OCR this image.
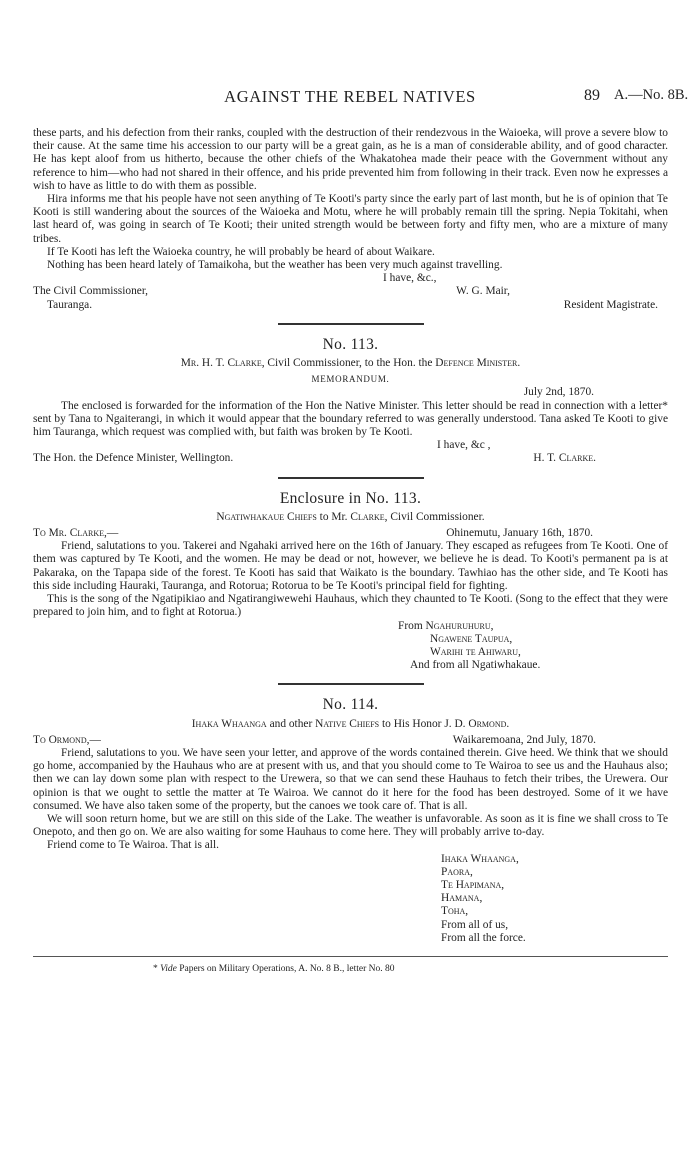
AGAINST THE REBEL NATIVES	89 A.—No. 8B.

these parts, and his defection from their ranks, coupled with the destruction of their rendezvous in the Waioeka, will prove a severe blow to their cause. At the same time his accession to our party will be a great gain, as he is a man of considerable ability, and of good character. He has kept aloof from us hitherto, because the other chiefs of the Whakatohea made their peace with the Government without any reference to him—who had not shared in their offence, and his pride prevented him from following in their track. Even now he expresses a wish to have as little to do with them as possible.

Hira informs me that his people have not seen anything of Te Kooti's party since the early part of last month, but he is of opinion that Te Kooti is still wandering about the sources of the Waioeka and Motu, where he will probably remain till the spring. Nepia Tokitahi, when last heard of, was going in search of Te Kooti; their united strength would be between forty and fifty men, who are a mixture of many tribes.

If Te Kooti has left the Waioeka country, he will probably be heard of about Waikare.

Nothing has been heard lately of Tamaikoha, but the weather has been very much against travelling.

I have, &c.,
The Civil Commissioner,	W. G. Mair,
Tauranga.	Resident Magistrate.
No. 113.
Mr. H. T. Clarke, Civil Commissioner, to the Hon. the Defence Minister.
MEMORANDUM.
July 2nd, 1870.

The enclosed is forwarded for the information of the Hon the Native Minister. This letter should be read in connection with a letter* sent by Tana to Ngaiterangi, in which it would appear that the boundary referred to was generally understood. Tana asked Te Kooti to give him Tauranga, which request was complied with, but faith was broken by Te Kooti.

I have, &c ,
The Hon. the Defence Minister, Wellington.	H. T. Clarke.
Enclosure in No. 113.
Ngatiwhakaue Chiefs to Mr. Clarke, Civil Commissioner.
To Mr. Clarke,—	Ohinemutu, January 16th, 1870.

Friend, salutations to you. Takerei and Ngahaki arrived here on the 16th of January. They escaped as refugees from Te Kooti. One of them was captured by Te Kooti, and the women. He may be dead or not, however, we believe he is dead. To Kooti's permanent pa is at Pakaraka, on the Tapapa side of the forest. Te Kooti has said that Waikato is the boundary. Tawhiao has the other side, and Te Kooti has this side including Hauraki, Tauranga, and Rotorua; Rotorua to be Te Kooti's principal field for fighting.

This is the song of the Ngatipikiao and Ngatirangiwewehi Hauhaus, which they chaunted to Te Kooti. (Song to the effect that they were prepared to join him, and to fight at Rotorua.)

From Ngahuruhuru,
Ngawene Taupua,
Warihi te Ahiwaru,
And from all Ngatiwhakaue.
No. 114.
Ihaka Whaanga and other Native Chiefs to His Honor J. D. Ormond.
To Ormond,—	Waikaremoana, 2nd July, 1870.

Friend, salutations to you. We have seen your letter, and approve of the words contained therein. Give heed. We think that we should go home, accompanied by the Hauhaus who are at present with us, and that you should come to Te Wairoa to see us and the Hauhaus also; then we can lay down some plan with respect to the Urewera, so that we can send these Hauhaus to fetch their tribes, the Urewera. Our opinion is that we ought to settle the matter at Te Wairoa. We cannot do it here for the food has been destroyed. Some of it we have consumed. We have also taken some of the property, but the canoes we took care of. That is all.

We will soon return home, but we are still on this side of the Lake. The weather is unfavorable. As soon as it is fine we shall cross to Te Onepoto, and then go on. We are also waiting for some Hauhaus to come here. They will probably arrive to-day.

Friend come to Te Wairoa. That is all.

Ihaka Whaanga,
Paora,
Te Hapimana,
Hamana,
Toha,
From all of us,
From all the force.
* Vide Papers on Military Operations, A. No. 8 B., letter No. 80
